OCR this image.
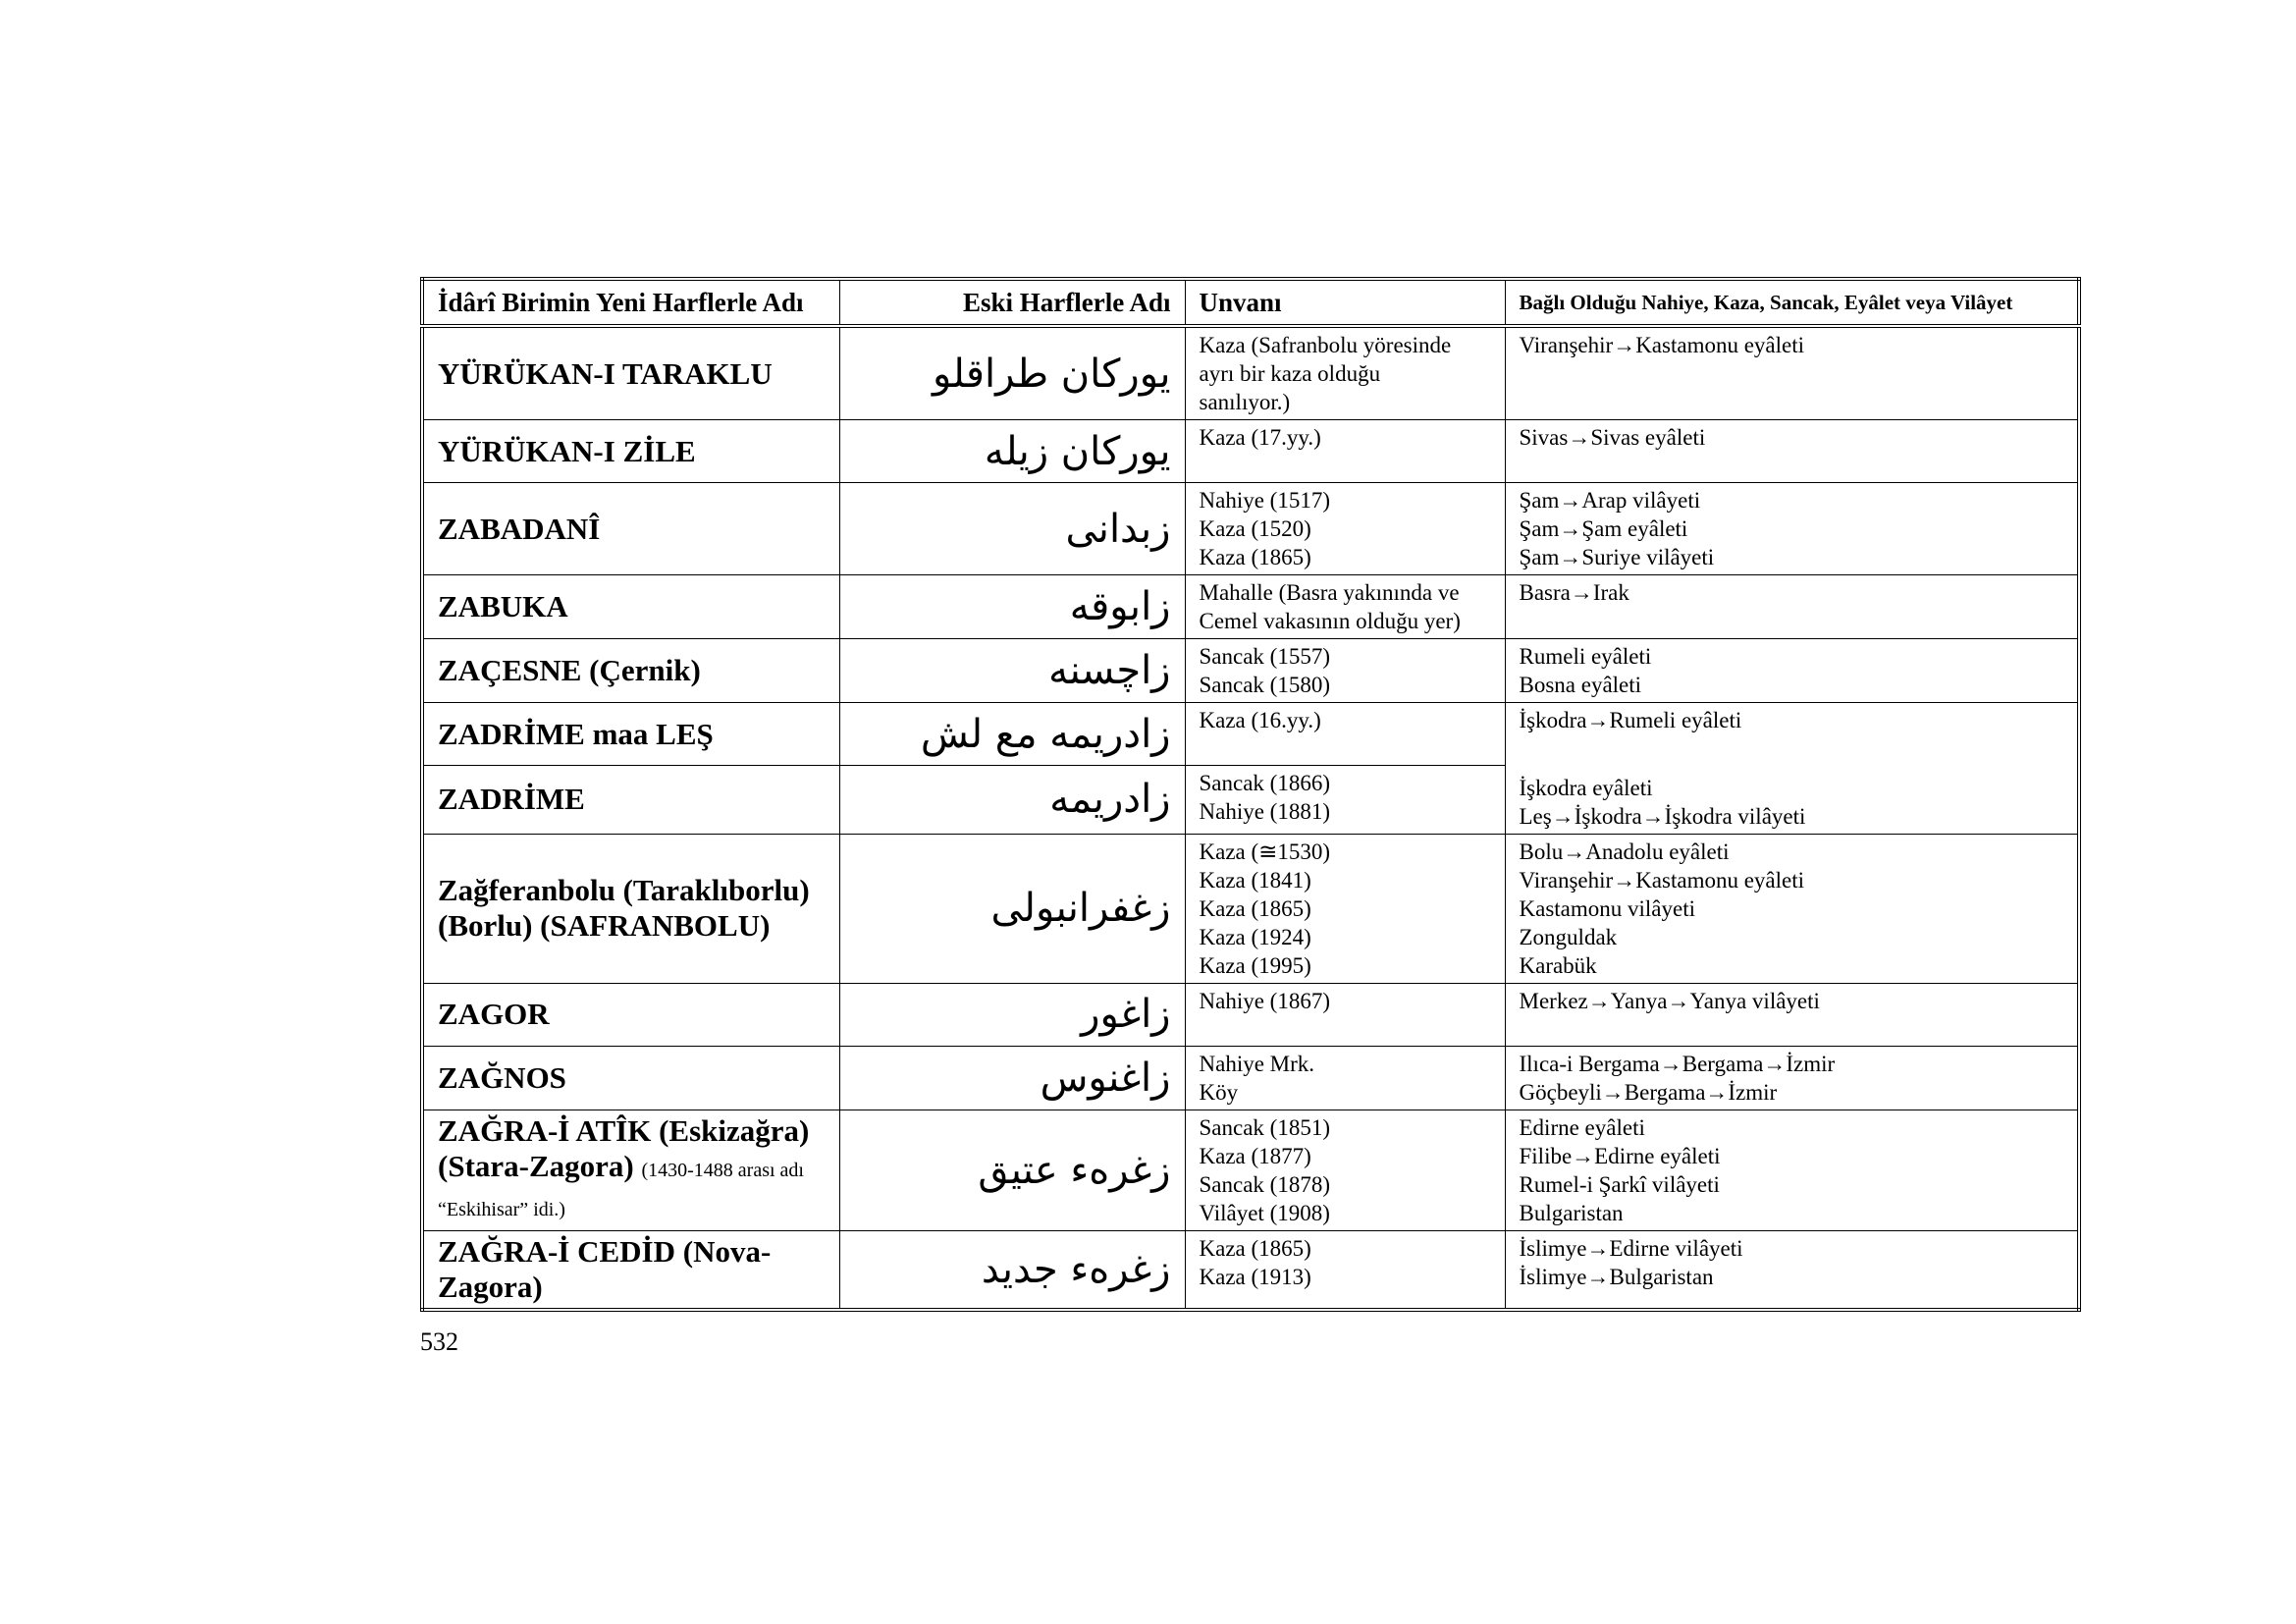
İdârî Birimin Yeni Harflerle Adı	Eski Harflerle Adı	Unvanı	Bağlı Olduğu Nahiye, Kaza, Sancak, Eyâlet veya Vilâyet
YÜRÜKAN-I TARAKLU	یورکان طراقلو	Kaza (Safranbolu yöresinde
ayrı bir kaza olduğu
sanılıyor.)	Viranşehir→Kastamonu eyâleti

YÜRÜKAN-I ZİLE	یورکان زیله	Kaza (17.yy.)	Sivas→Sivas eyâleti

ZABADANÎ	زبدانی	Nahiye (1517)
Kaza (1520)
Kaza (1865)	Şam→Arap vilâyeti
Şam→Şam eyâleti
Şam→Suriye vilâyeti

ZABUKA	زابوقه	Mahalle (Basra yakınında ve
Cemel vakasının olduğu yer)	Basra→Irak

ZAÇESNE (Çernik)	زاچسنه	Sancak (1557)
Sancak (1580)	Rumeli eyâleti
Bosna eyâleti

ZADRİME maa LEŞ	زادریمه مع لش	Kaza (16.yy.)	İşkodra→Rumeli eyâleti

ZADRİME	زادریمه	Sancak (1866)
Nahiye (1881)	İşkodra eyâleti
Leş→İşkodra→İşkodra vilâyeti

Zağferanbolu (Taraklıborlu) (Borlu) (SAFRANBOLU)	زغفرانبولی	Kaza (≅1530)
Kaza (1841)
Kaza (1865)
Kaza (1924)
Kaza (1995)	Bolu→Anadolu eyâleti
Viranşehir→Kastamonu eyâleti
Kastamonu vilâyeti
Zonguldak
Karabük

ZAGOR	زاغور	Nahiye (1867)	Merkez→Yanya→Yanya vilâyeti

ZAĞNOS	زاغنوس	Nahiye Mrk.
Köy	Ilıca-i Bergama→Bergama→İzmir
Göçbeyli→Bergama→İzmir

ZAĞRA-İ ATÎK (Eskizağra) (Stara-Zagora) (1430-1488 arası adı “Eskihisar” idi.)	زغرهء عتیق	Sancak (1851)
Kaza (1877)
Sancak (1878)
Vilâyet (1908)	Edirne eyâleti
Filibe→Edirne eyâleti
Rumel-i Şarkî vilâyeti
Bulgaristan

ZAĞRA-İ CEDİD (Nova-Zagora)	زغرهء جدید	Kaza (1865)
Kaza (1913)	İslimye→Edirne vilâyeti
İslimye→Bulgaristan
532
